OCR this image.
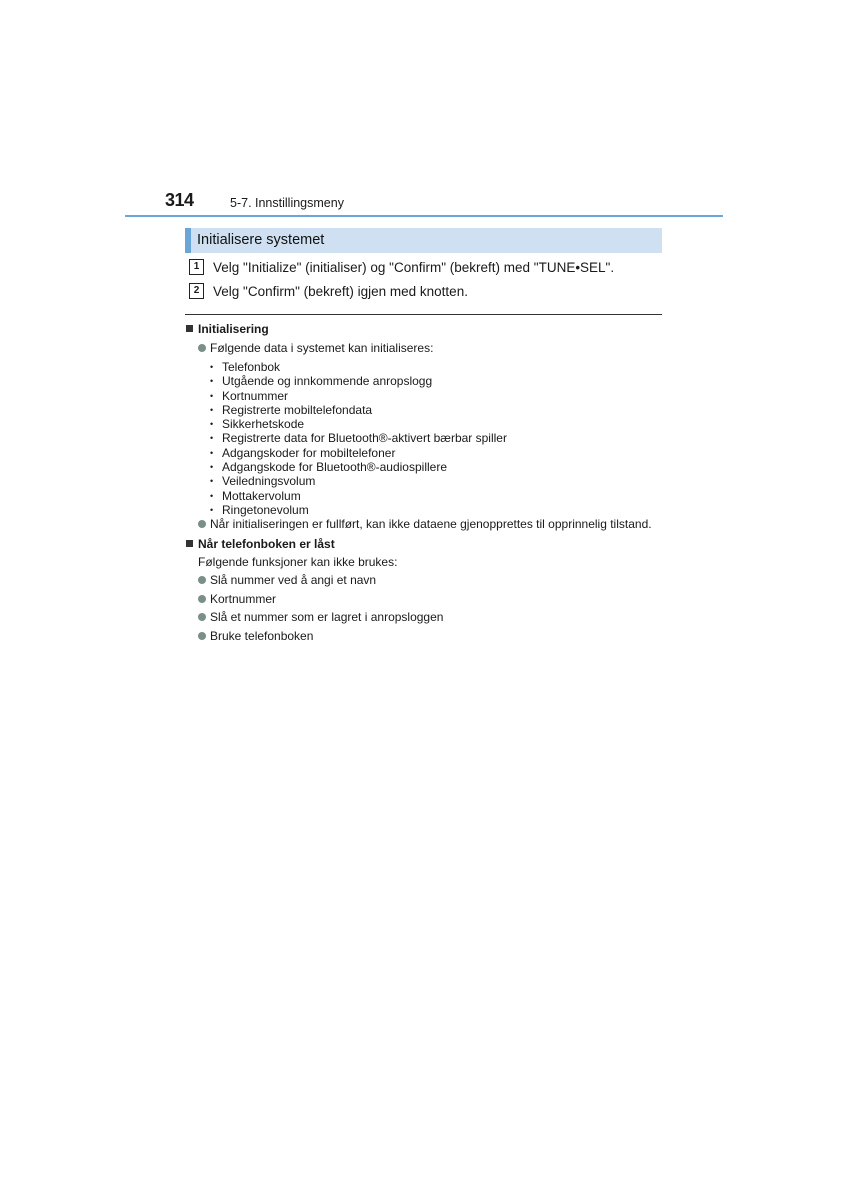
314	5-7. Innstillingsmeny
Initialisere systemet
1 Velg "Initialize" (initialiser) og "Confirm" (bekreft) med "TUNE•SEL".
2 Velg "Confirm" (bekreft) igjen med knotten.
Initialisering
Følgende data i systemet kan initialiseres:
• Telefonbok
• Utgående og innkommende anropslogg
• Kortnummer
• Registrerte mobiltelefondata
• Sikkerhetskode
• Registrerte data for Bluetooth®-aktivert bærbar spiller
• Adgangskoder for mobiltelefoner
• Adgangskode for Bluetooth®-audiospillere
• Veiledningsvolum
• Mottakervolum
• Ringetonevolum
Når initialiseringen er fullført, kan ikke dataene gjenopprettes til opprinnelig tilstand.
Når telefonboken er låst
Følgende funksjoner kan ikke brukes:
Slå nummer ved å angi et navn
Kortnummer
Slå et nummer som er lagret i anropsloggen
Bruke telefonboken
